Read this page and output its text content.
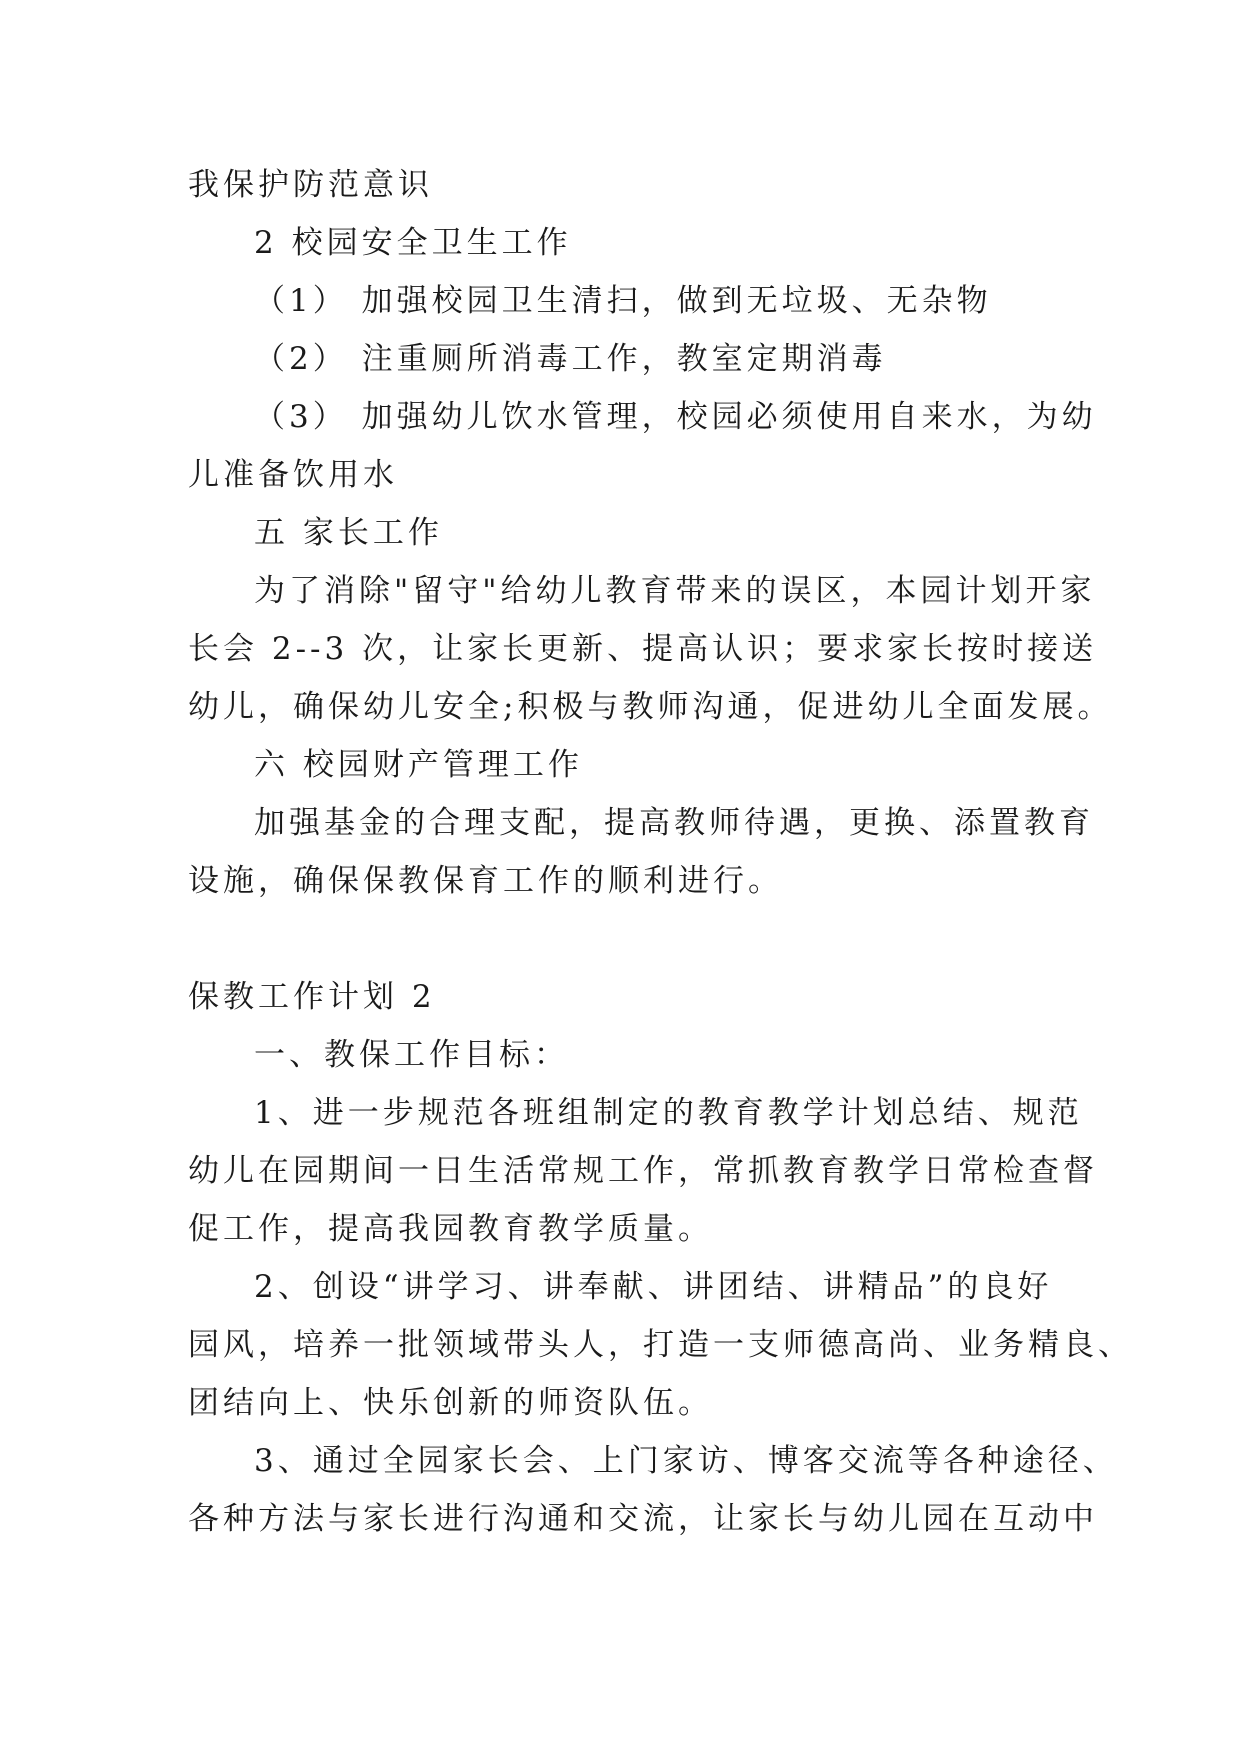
我保护防范意识
2 校园安全卫生工作
（1） 加强校园卫生清扫，做到无垃圾、无杂物
（2） 注重厕所消毒工作，教室定期消毒
（3） 加强幼儿饮水管理，校园必须使用自来水，为幼
儿准备饮用水
五 家长工作
为了消除"留守"给幼儿教育带来的误区，本园计划开家
长会 2--3 次，让家长更新、提高认识；要求家长按时接送
幼儿，确保幼儿安全;积极与教师沟通，促进幼儿全面发展。
六 校园财产管理工作
加强基金的合理支配，提高教师待遇，更换、添置教育
设施，确保保教保育工作的顺利进行。
保教工作计划 2
一、教保工作目标：
1、进一步规范各班组制定的教育教学计划总结、规范
幼儿在园期间一日生活常规工作，常抓教育教学日常检查督
促工作，提高我园教育教学质量。
2、创设“讲学习、讲奉献、讲团结、讲精品”的良好
园风，培养一批领域带头人，打造一支师德高尚、业务精良、
团结向上、快乐创新的师资队伍。
3、通过全园家长会、上门家访、博客交流等各种途径、
各种方法与家长进行沟通和交流，让家长与幼儿园在互动中
